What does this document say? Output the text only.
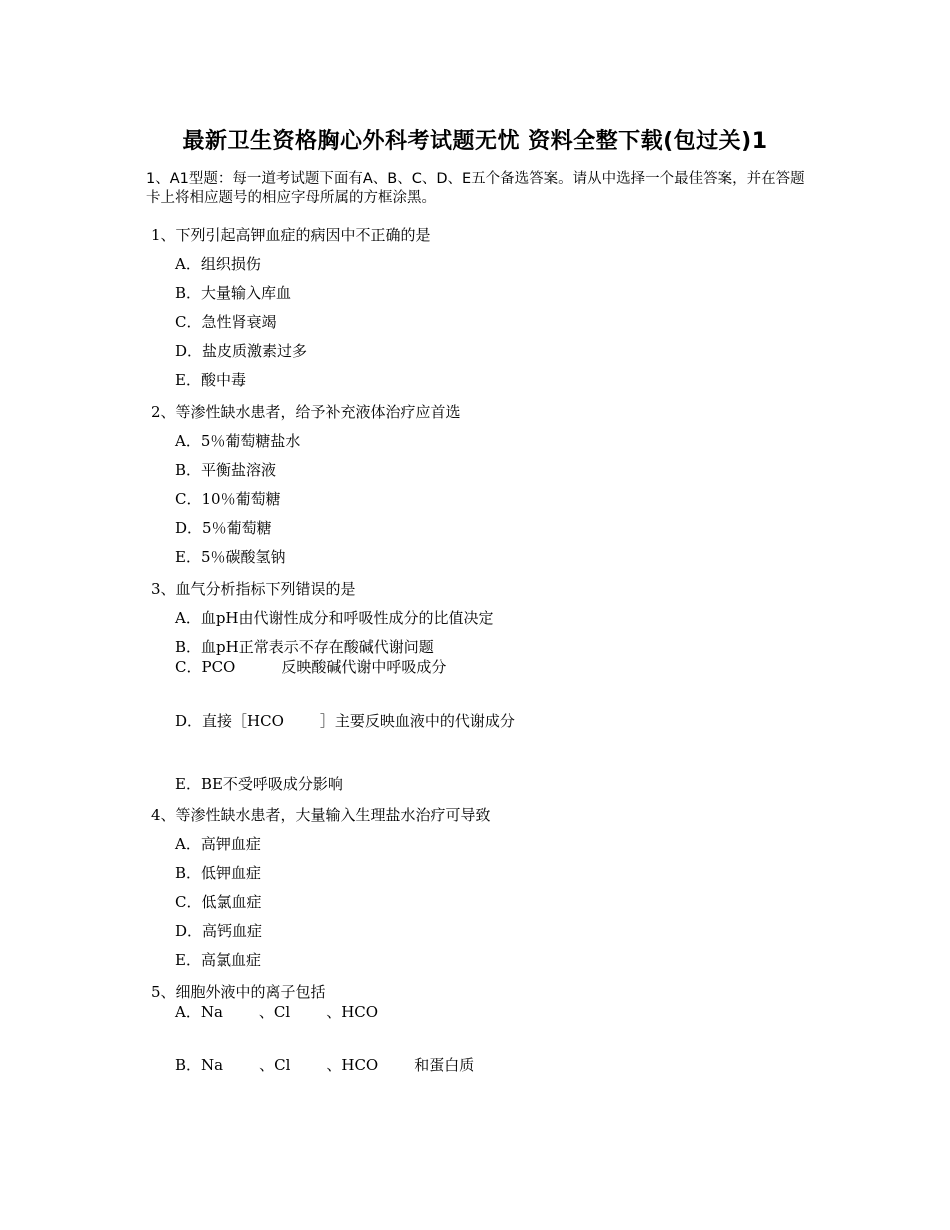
最新卫生资格胸心外科考试题无忧 资料全整下载(包过关)1
1、A1型题：每一道考试题下面有A、B、C、D、E五个备选答案。请从中选择一个最佳答案，并在答题卡上将相应题号的相应字母所属的方框涂黑。
1、下列引起高钾血症的病因中不正确的是
A．组织损伤
B．大量输入库血
C．急性肾衰竭
D．盐皮质激素过多
E．酸中毒
2、等渗性缺水患者，给予补充液体治疗应首选
A．5％葡萄糖盐水
B．平衡盐溶液
C．10％葡萄糖
D．5％葡萄糖
E．5％碳酸氢钠
3、血气分析指标下列错误的是
A．血pH由代谢性成分和呼吸性成分的比值决定
B．血pH正常表示不存在酸碱代谢问题
C．PCO	反映酸碱代谢中呼吸成分
D．直接［HCO ］主要反映血液中的代谢成分
E．BE不受呼吸成分影响
4、等渗性缺水患者，大量输入生理盐水治疗可导致
A．高钾血症
B．低钾血症
C．低氯血症
D．高钙血症
E．高氯血症
5、细胞外液中的离子包括
A．Na 、Cl 、HCO
B．Na 、Cl 、HCO 和蛋白质
